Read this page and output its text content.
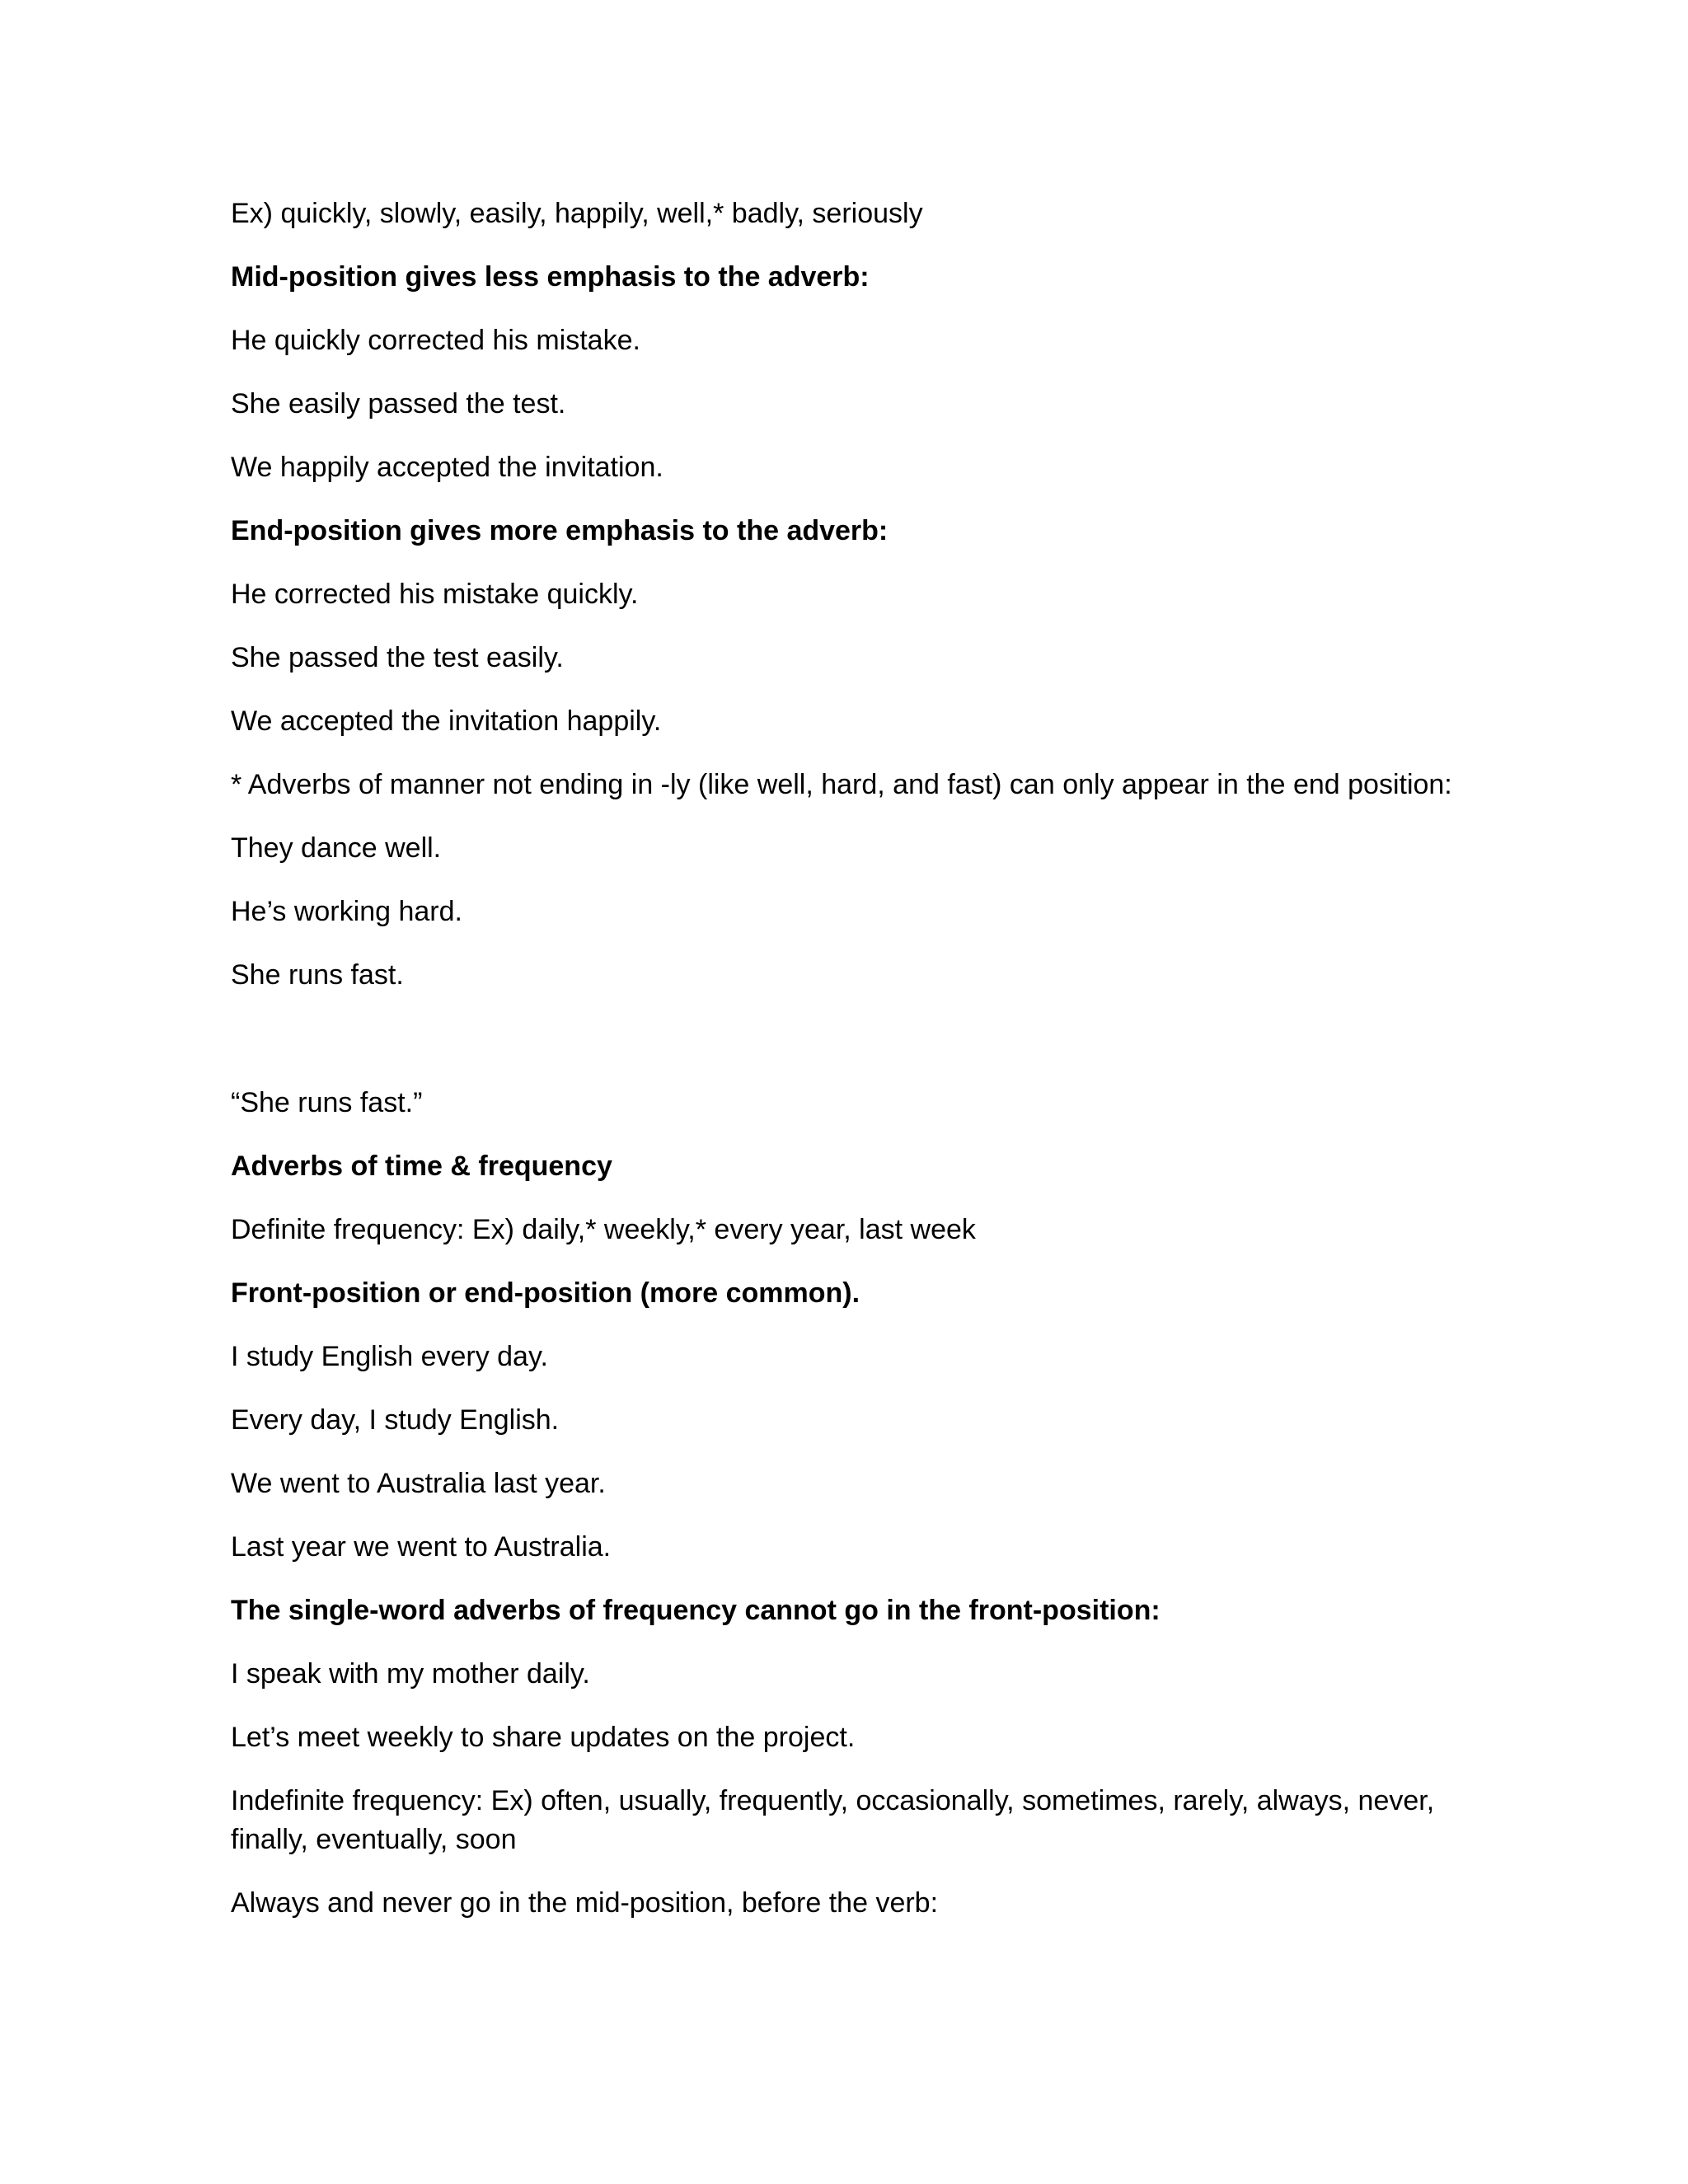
Ex) quickly, slowly, easily, happily, well,* badly, seriously

Mid-position gives less emphasis to the adverb:

He quickly corrected his mistake.

She easily passed the test.

We happily accepted the invitation.

End-position gives more emphasis to the adverb:

He corrected his mistake quickly.

She passed the test easily.

We accepted the invitation happily.

* Adverbs of manner not ending in -ly (like well, hard, and fast) can only appear in the end position:

They dance well.

He’s working hard.

She runs fast.

“She runs fast.”

Adverbs of time & frequency

Definite frequency: Ex) daily,* weekly,* every year, last week

Front-position or end-position (more common).

I study English every day.

Every day, I study English.

We went to Australia last year.

Last year we went to Australia.

The single-word adverbs of frequency cannot go in the front-position:

I speak with my mother daily.

Let’s meet weekly to share updates on the project.

Indefinite frequency: Ex) often, usually, frequently, occasionally, sometimes, rarely, always, never, finally, eventually, soon

Always and never go in the mid-position, before the verb:
